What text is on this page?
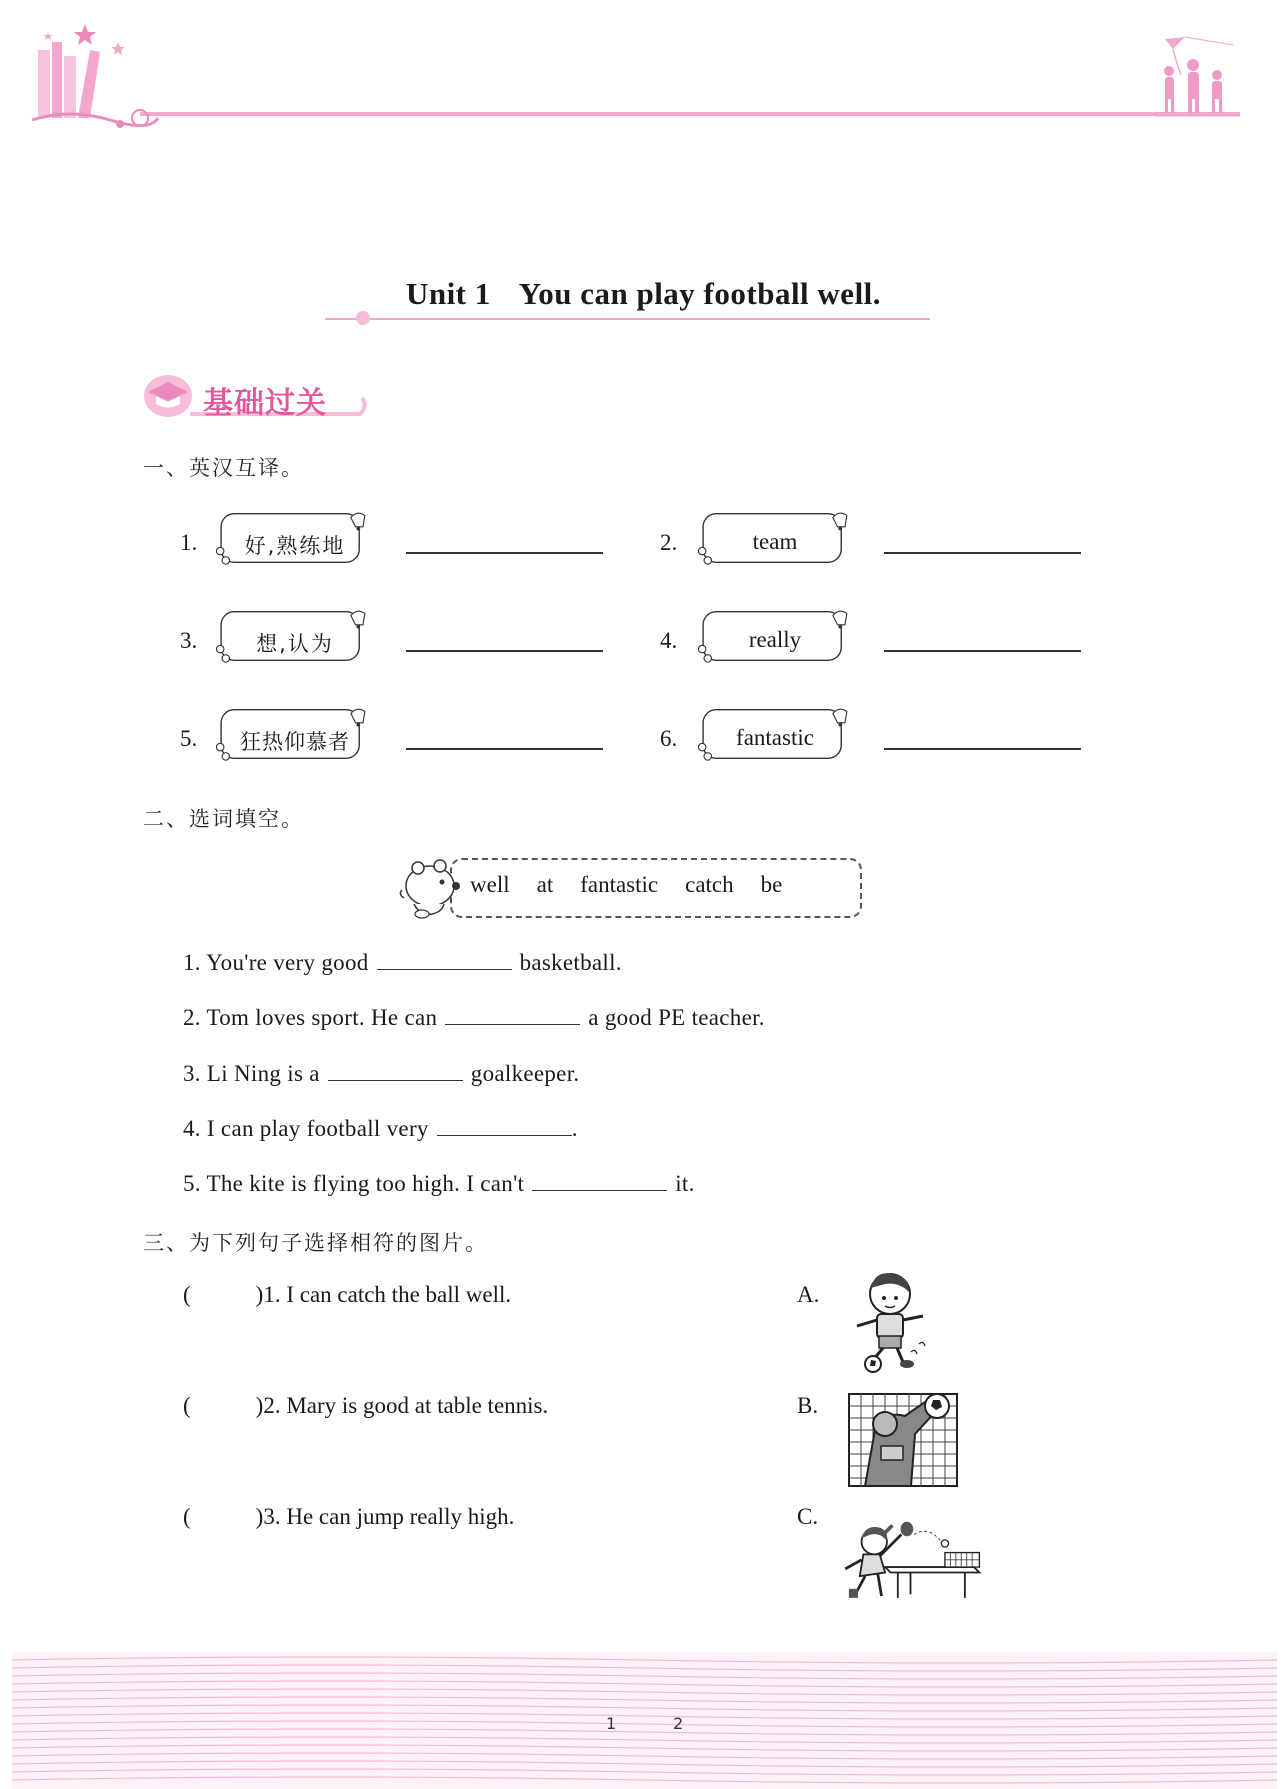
Unit 1 You can play football well.
基础过关
一、英汉互译。
1.	好,熟练地	2.	team
3.	想,认为	4.	really
5.	狂热仰慕者	6.	fantastic
二、选词填空。
well at fantastic catch be
1. You're very good	basketball.
2. Tom loves sport. He can	a good PE teacher.
3. Li Ning is a	goalkeeper.
4. I can play football very	.
5. The kite is flying too high. I can't	it.
三、为下列句子选择相符的图片。
(	)1. I can catch the ball well.
(	)2. Mary is good at table tennis.
(	)3. He can jump really high.
A.
B.
C.
1	2
